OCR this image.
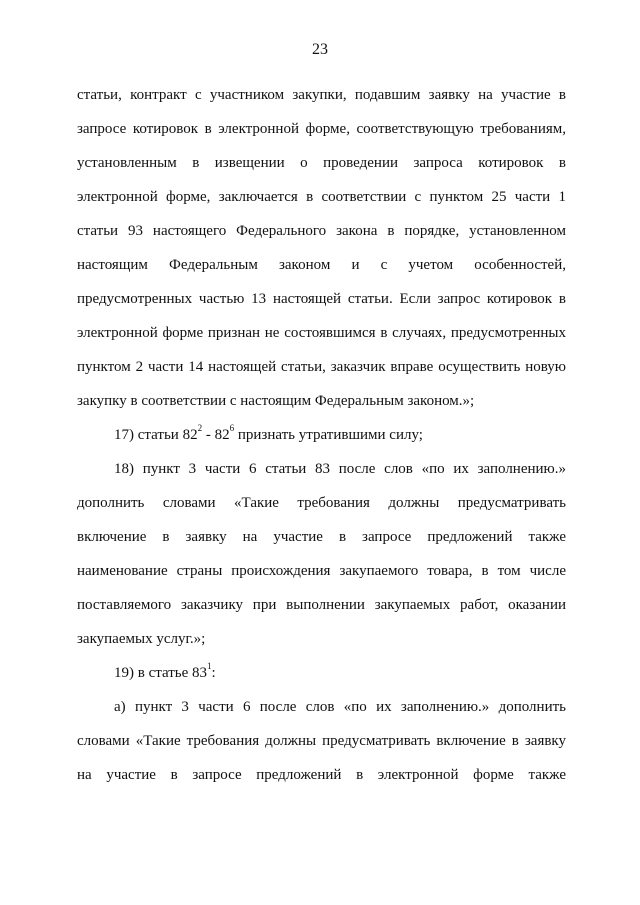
23
статьи, контракт с участником закупки, подавшим заявку на участие в
запросе котировок в электронной форме, соответствующую требованиям,
установленным в извещении о проведении запроса котировок в
электронной форме, заключается в соответствии с пунктом 25 части 1
статьи 93 настоящего Федерального закона в порядке, установленном
настоящим Федеральным законом и с учетом особенностей,
предусмотренных частью 13 настоящей статьи. Если запрос котировок в
электронной форме признан не состоявшимся в случаях, предусмотренных
пунктом 2 части 14 настоящей статьи, заказчик вправе осуществить новую
закупку в соответствии с настоящим Федеральным законом.»;
17) статьи $82^2 - 82^6$ признать утратившими силу;
18) пункт 3 части 6 статьи 83 после слов «по их заполнению.»
дополнить словами «Такие требования должны предусматривать
включение в заявку на участие в запросе предложений также
наименование страны происхождения закупаемого товара, в том числе
поставляемого заказчику при выполнении закупаемых работ, оказании
закупаемых услуг.»;
19) в статье $83^1$:
а) пункт 3 части 6 после слов «по их заполнению.» дополнить
словами «Такие требования должны предусматривать включение в заявку
на участие в запросе предложений в электронной форме также
